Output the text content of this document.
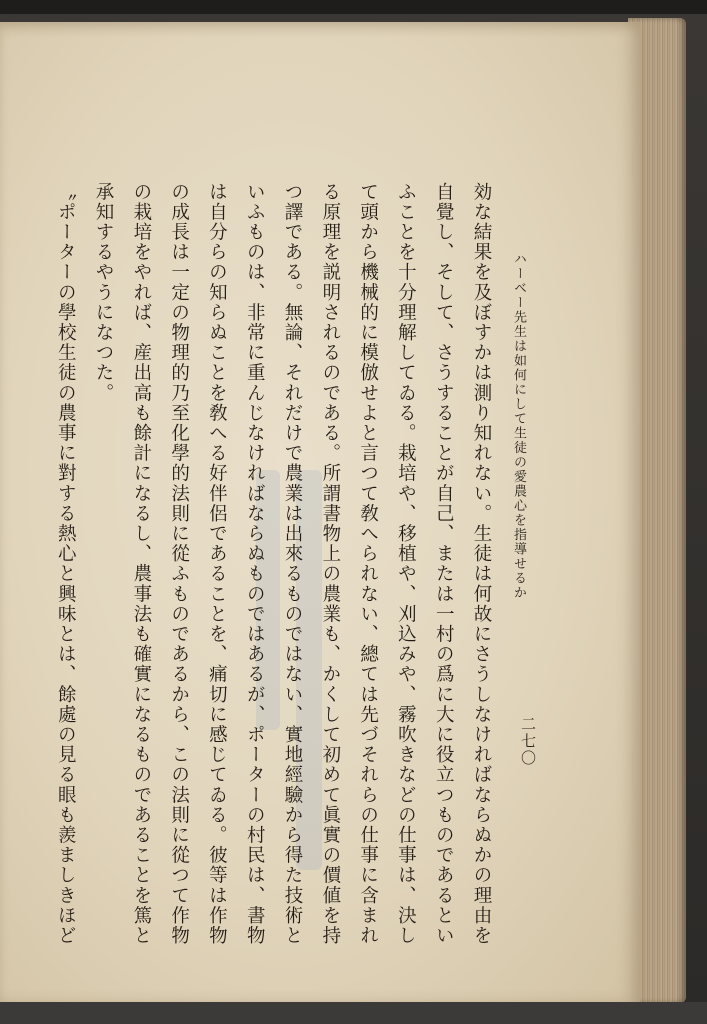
ハーベー先生は如何にして生徒の愛農心を指導せるか
二七〇
効な結果を及ぼすかは測り知れない。生徒は何故にさうしなければならぬかの理由を
自覺し、そして、さうすることが自己、または一村の爲に大に役立つものであるとい
ふことを十分理解してゐる。栽培や、移植や、刈込みや、霧吹きなどの仕事は、決し
て頭から機械的に模倣せよと言つて敎へられない、總ては先づそれらの仕事に含まれ
る原理を説明されるのである。所謂書物上の農業も、かくして初めて眞實の價値を持
つ譯である。無論、それだけで農業は出來るものではない、實地經驗から得た技術と
いふものは、非常に重んじなければならぬものではあるが、ポーターの村民は、書物
は自分らの知らぬことを敎へる好伴侶であることを、痛切に感じてゐる。彼等は作物
の成長は一定の物理的乃至化學的法則に從ふものであるから、この法則に從つて作物
の栽培をやれば、産出高も餘計になるし、農事法も確實になるものであることを篤と
承知するやうになつた。
〝ポーターの學校生徒の農事に對する熱心と興味とは、餘處の見る眼も羨ましきほど
